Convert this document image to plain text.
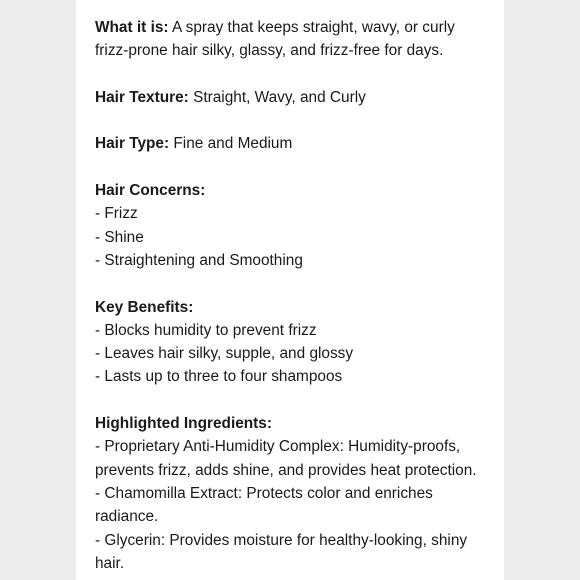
What it is: A spray that keeps straight, wavy, or curly
frizz-prone hair silky, glassy, and frizz-free for days.
Hair Texture: Straight, Wavy, and Curly
Hair Type: Fine and Medium
Hair Concerns:
- Frizz
- Shine
- Straightening and Smoothing
Key Benefits:
- Blocks humidity to prevent frizz
- Leaves hair silky, supple, and glossy
- Lasts up to three to four shampoos
Highlighted Ingredients:
- Proprietary Anti-Humidity Complex: Humidity-proofs,
prevents frizz, adds shine, and provides heat protection.
- Chamomilla Extract: Protects color and enriches
radiance.
- Glycerin: Provides moisture for healthy-looking, shiny
hair.
